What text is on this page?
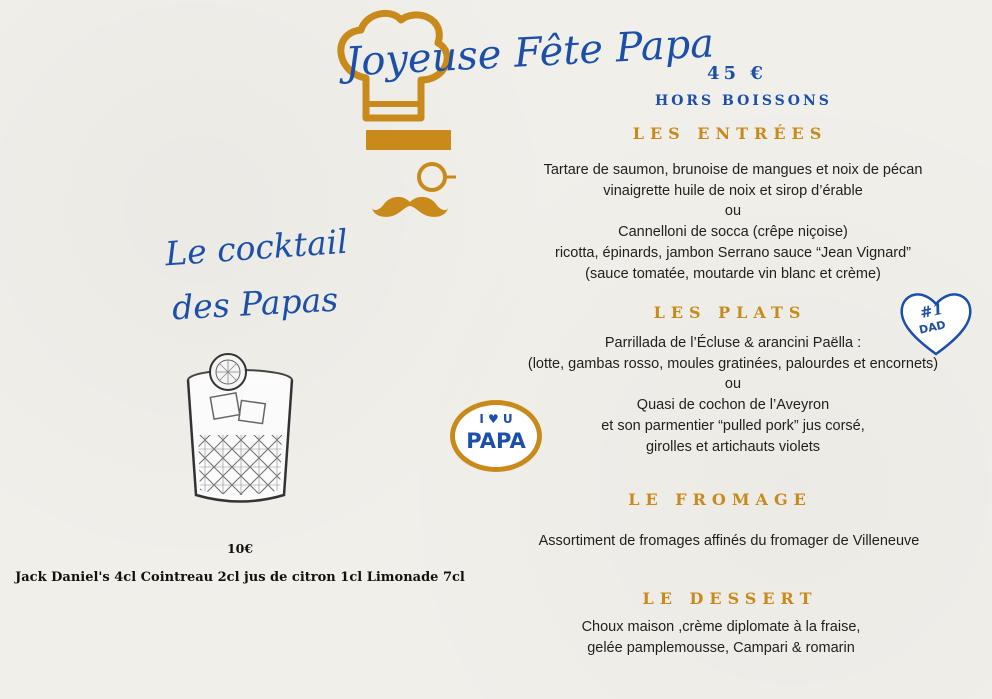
Joyeuse Fête Papa
45 €
HORS BOISSONS
Le cocktail
des Papas
10€
Jack Daniel's 4cl Cointreau 2cl jus de citron 1cl Limonade 7cl
#1
DAD
I ♥ U
PAPA
LES ENTRÉES
Tartare de saumon, brunoise de mangues et noix de pécan
vinaigrette huile de noix et sirop d’érable
ou
Cannelloni de socca (crêpe niçoise)
ricotta, épinards, jambon Serrano sauce “Jean Vignard”
(sauce tomatée, moutarde vin blanc et crème)
LES PLATS
Parrillada de l’Écluse & arancini Paëlla :
(lotte, gambas rosso, moules gratinées, palourdes et encornets)
ou
Quasi de cochon de l’Aveyron
et son parmentier “pulled pork” jus corsé,
girolles et artichauts violets
LE FROMAGE
Assortiment de fromages affinés du fromager de Villeneuve
LE DESSERT
Choux maison ,crème diplomate à la fraise,
gelée pamplemousse, Campari & romarin
